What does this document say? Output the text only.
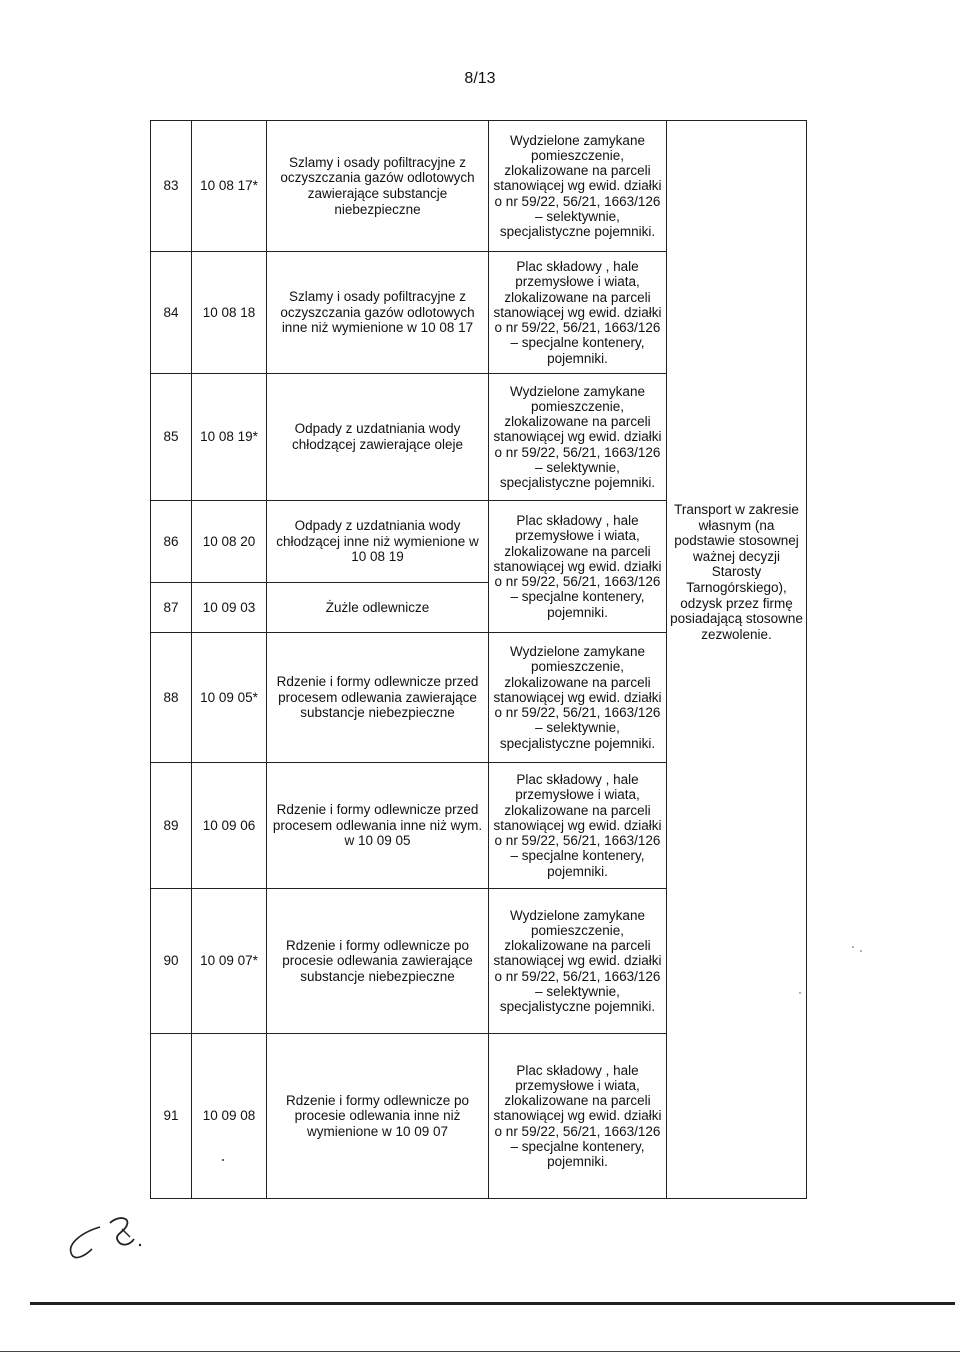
8/13
83	10 08 17*	Szlamy i osady pofiltracyjne z oczyszczania gazów odlotowych zawierające substancje niebezpieczne	Wydzielone zamykane pomieszczenie, zlokalizowane na parceli stanowiącej wg ewid. działki o nr 59/22, 56/21, 1663/126 – selektywnie, specjalistyczne pojemniki.	Transport w zakresie własnym (na podstawie stosownej ważnej decyzji Starosty Tarnogórskiego), odzysk przez firmę posiadającą stosowne zezwolenie.
84	10 08 18	Szlamy i osady pofiltracyjne z oczyszczania gazów odlotowych inne niż wymienione w 10 08 17	Plac składowy , hale przemysłowe i wiata, zlokalizowane na parceli stanowiącej wg ewid. działki o nr 59/22, 56/21, 1663/126 – specjalne kontenery, pojemniki.	
85	10 08 19*	Odpady z uzdatniania wody chłodzącej zawierające oleje	Wydzielone zamykane pomieszczenie, zlokalizowane na parceli stanowiącej wg ewid. działki o nr 59/22, 56/21, 1663/126 – selektywnie, specjalistyczne pojemniki.	
86	10 08 20	Odpady z uzdatniania wody chłodzącej inne niż wymienione w 10 08 19	Plac składowy , hale przemysłowe i wiata, zlokalizowane na parceli stanowiącej wg ewid. działki o nr 59/22, 56/21, 1663/126 – specjalne kontenery, pojemniki.	
87	10 09 03	Żużle odlewnicze		
88	10 09 05*	Rdzenie i formy odlewnicze przed procesem odlewania zawierające substancje niebezpieczne	Wydzielone zamykane pomieszczenie, zlokalizowane na parceli stanowiącej wg ewid. działki o nr 59/22, 56/21, 1663/126 – selektywnie, specjalistyczne pojemniki.	
89	10 09 06	Rdzenie i formy odlewnicze przed procesem odlewania inne niż wym. w 10 09 05	Plac składowy , hale przemysłowe i wiata, zlokalizowane na parceli stanowiącej wg ewid. działki o nr 59/22, 56/21, 1663/126 – specjalne kontenery, pojemniki.	
90	10 09 07*	Rdzenie i formy odlewnicze po procesie odlewania zawierające substancje niebezpieczne	Wydzielone zamykane pomieszczenie, zlokalizowane na parceli stanowiącej wg ewid. działki o nr 59/22, 56/21, 1663/126 – selektywnie, specjalistyczne pojemniki.	
91	10 09 08	Rdzenie i formy odlewnicze po procesie odlewania inne niż wymienione w 10 09 07	Plac składowy , hale przemysłowe i wiata, zlokalizowane na parceli stanowiącej wg ewid. działki o nr 59/22, 56/21, 1663/126 – specjalne kontenery, pojemniki.	
